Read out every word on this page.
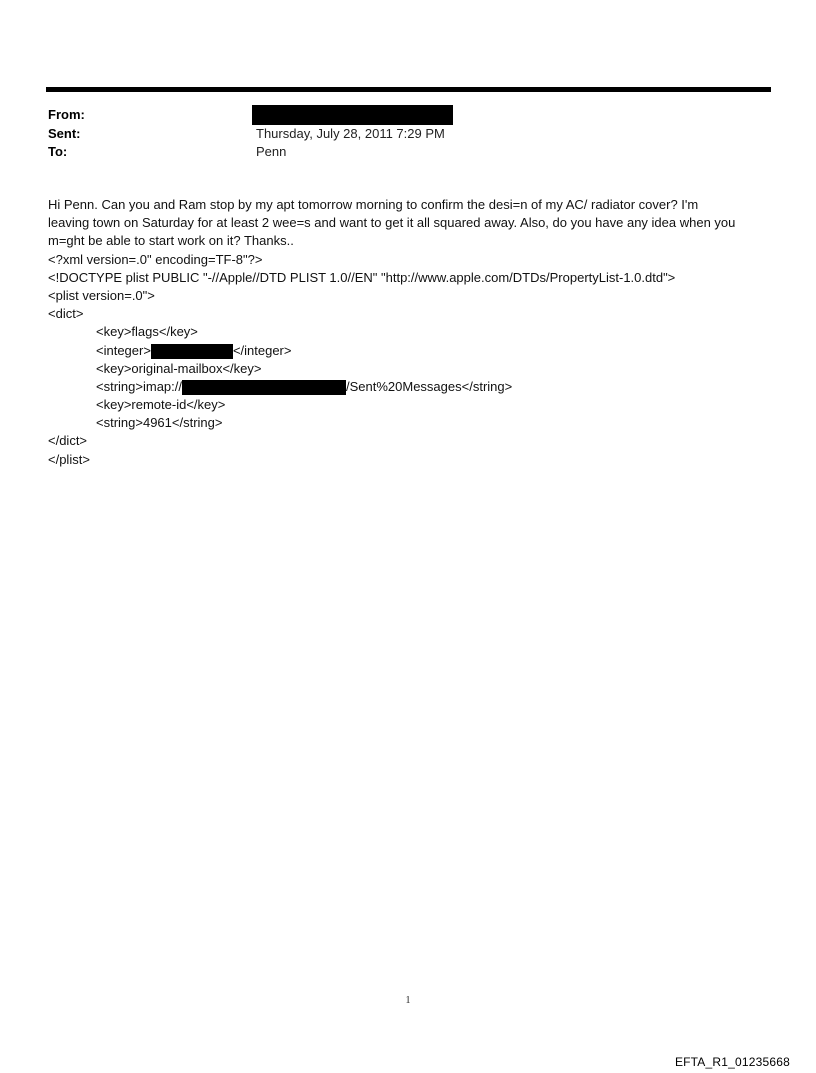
From:
Sent:	Thursday, July 28, 2011 7:29 PM
To:	Penn
Hi Penn. Can you and Ram stop by my apt tomorrow morning to confirm the desi=n of my AC/ radiator cover? I'm
leaving town on Saturday for at least 2 wee=s and want to get it all squared away. Also, do you have any idea when you
m=ght be able to start work on it? Thanks..
<?xml version=.0" encoding=TF-8"?>
<!DOCTYPE plist PUBLIC "-//Apple//DTD PLIST 1.0//EN" "http://www.apple.com/DTDs/PropertyList-1.0.dtd">
<plist version=.0">
<dict>
<key>flags</key>
<integer>	</integer>
<key>original-mailbox</key>
<string>imap://	/Sent%20Messages</string>
<key>remote-id</key>
<string>4961</string>
</dict>
</plist>
1
EFTA_R1_01235668
